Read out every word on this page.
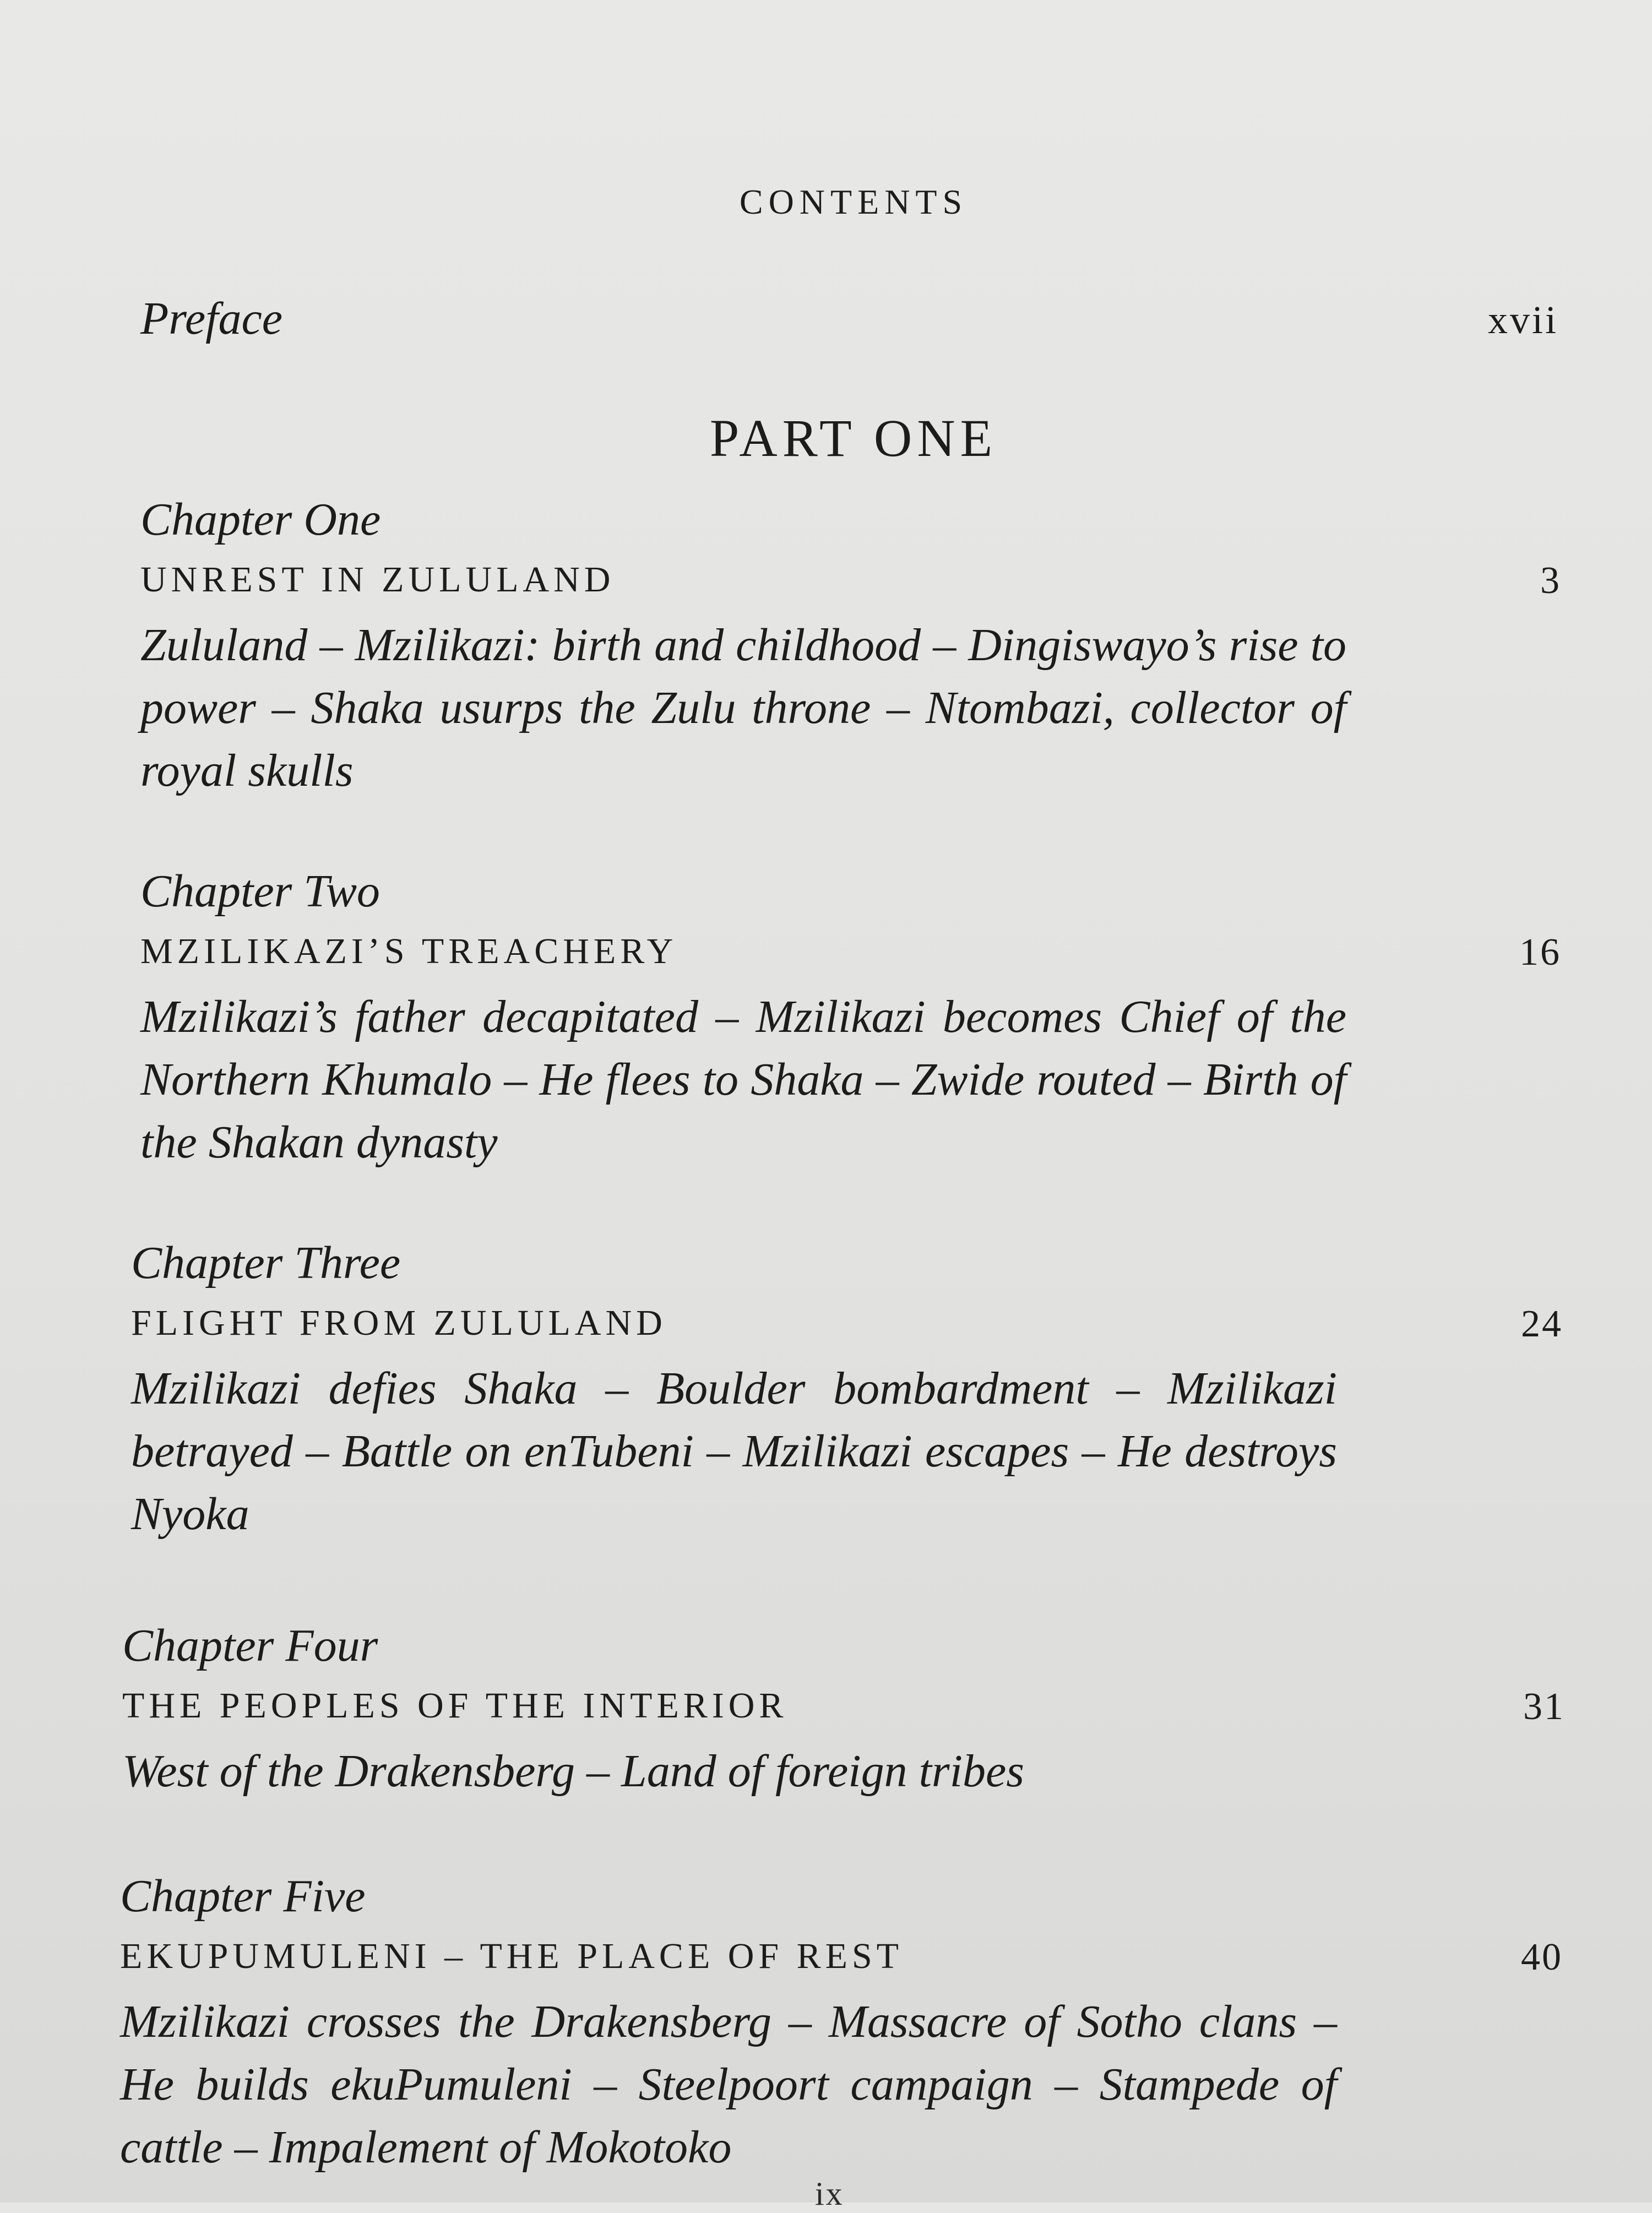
CONTENTS
Preface	xvii
PART ONE
Chapter One
UNREST IN ZULULAND	3
Zululand – Mzilikazi: birth and childhood – Dingiswayo’s rise to power – Shaka usurps the Zulu throne – Ntombazi, collector of royal skulls
Chapter Two
MZILIKAZI’S TREACHERY	16
Mzilikazi’s father decapitated – Mzilikazi becomes Chief of the Northern Khumalo – He flees to Shaka – Zwide routed – Birth of the Shakan dynasty
Chapter Three
FLIGHT FROM ZULULAND	24
Mzilikazi defies Shaka – Boulder bombardment – Mzilikazi betrayed – Battle on enTubeni – Mzilikazi escapes – He destroys Nyoka
Chapter Four
THE PEOPLES OF THE INTERIOR	31
West of the Drakensberg – Land of foreign tribes
Chapter Five
EKUPUMULENI – THE PLACE OF REST	40
Mzilikazi crosses the Drakensberg – Massacre of Sotho clans – He builds ekuPumuleni – Steelpoort campaign – Stampede of cattle – Impalement of Mokotoko
ix
